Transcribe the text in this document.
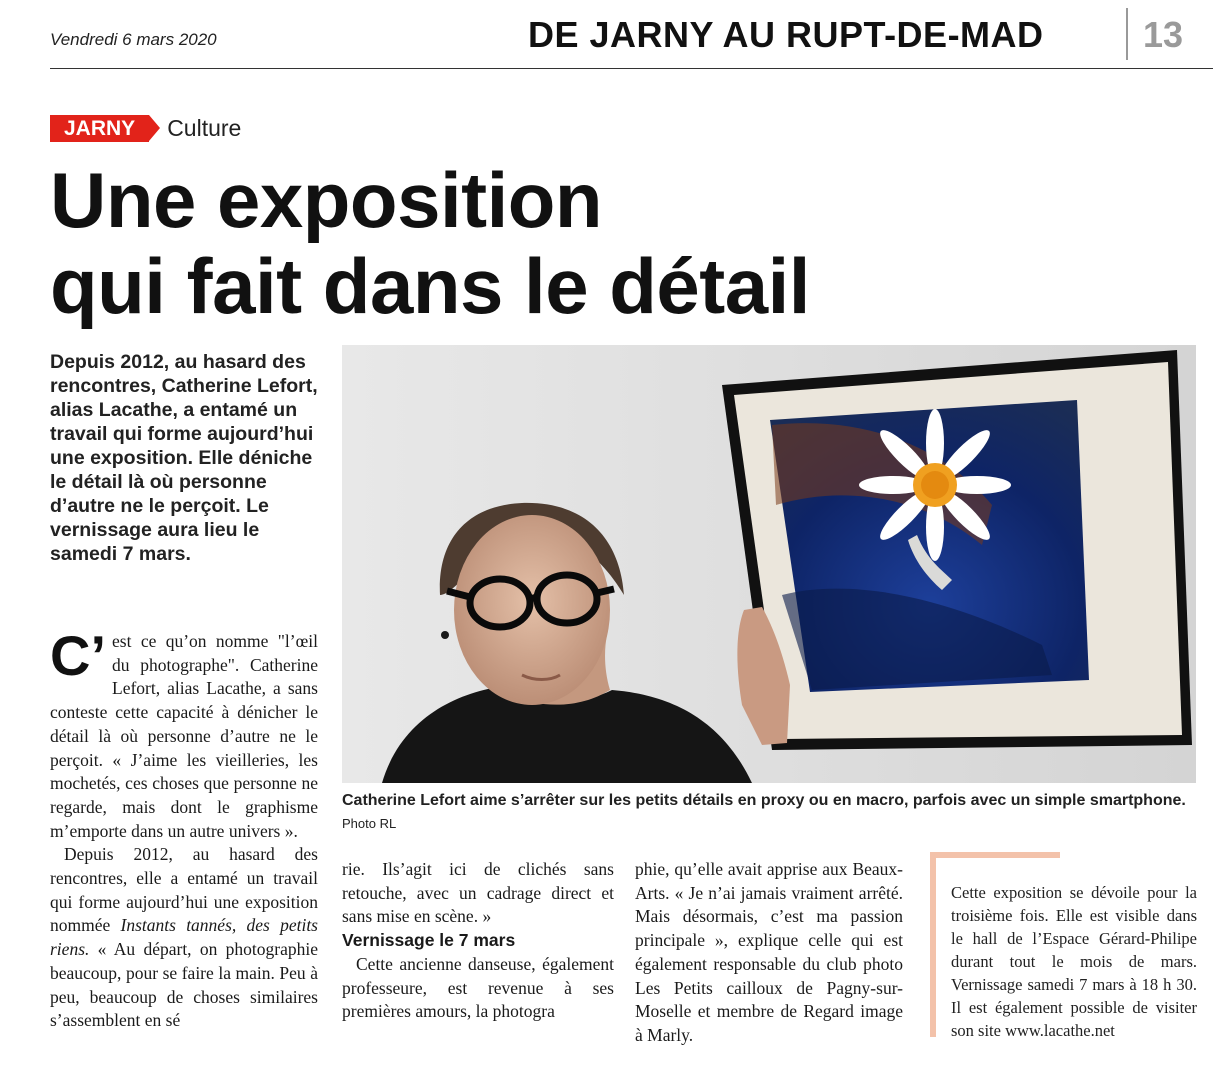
Vendredi 6 mars 2020	DE JARNY AU RUPT-DE-MAD	13
JARNY	Culture
Une exposition
qui fait dans le détail
Depuis 2012, au hasard des rencontres, Catherine Lefort, alias Lacathe, a entamé un travail qui forme aujourd’hui une exposition. Elle déniche le détail là où personne d’autre ne le perçoit. Le vernissage aura lieu le samedi 7 mars.

C’ est ce qu’on nomme "l’œil du photographe". Catherine Lefort, alias Lacathe, a sans conteste cette capacité à dénicher le détail là où personne d’autre ne le perçoit. « J’aime les vieilleries, les mochetés, ces choses que personne ne regarde, mais dont le graphisme m’emporte dans un autre univers ».

Depuis 2012, au hasard des rencontres, elle a entamé un travail qui forme aujourd’hui une exposition nommée Instants tannés, des petits riens. « Au départ, on photographie beaucoup, pour se faire la main. Peu à peu, beaucoup de choses similaires s’assemblent en sé

Catherine Lefort aime s’arrêter sur les petits détails en proxy ou en macro, parfois avec un simple smartphone. Photo RL

rie. Ils’agit ici de clichés sans retouche, avec un cadrage direct et sans mise en scène. »

Vernissage le 7 mars

Cette ancienne danseuse, également professeure, est revenue à ses premières amours, la photogra

phie, qu’elle avait apprise aux Beaux-Arts. « Je n’ai jamais vraiment arrêté. Mais désormais, c’est ma passion principale », explique celle qui est également responsable du club photo Les Petits cailloux de Pagny-sur-Moselle et membre de Regard image à Marly.

Cette exposition se dévoile pour la troisième fois. Elle est visible dans le hall de l’Espace Gérard-Philipe durant tout le mois de mars. Vernissage samedi 7 mars à 18 h 30. Il est également possible de visiter son site www.lacathe.net
